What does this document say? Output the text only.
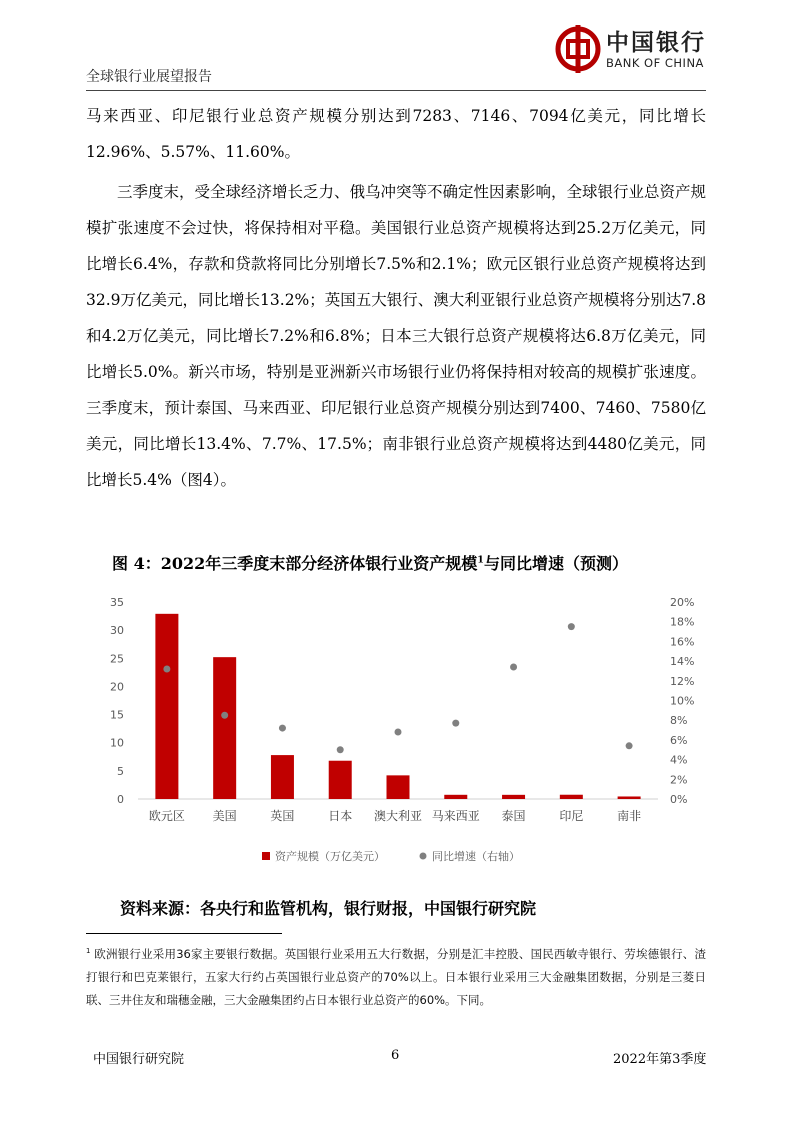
全球银行业展望报告
中国银行
BANK OF CHINA
马来西亚、印尼银行业总资产规模分别达到7283、7146、7094亿美元，同比增长12.96%、5.57%、11.60%。
三季度末，受全球经济增长乏力、俄乌冲突等不确定性因素影响，全球银行业总资产规模扩张速度不会过快，将保持相对平稳。美国银行业总资产规模将达到25.2万亿美元，同比增长6.4%，存款和贷款将同比分别增长7.5%和2.1%；欧元区银行业总资产规模将达到32.9万亿美元，同比增长13.2%；英国五大银行、澳大利亚银行业总资产规模将分别达7.8和4.2万亿美元，同比增长7.2%和6.8%；日本三大银行总资产规模将达6.8万亿美元，同比增长5.0%。新兴市场，特别是亚洲新兴市场银行业仍将保持相对较高的规模扩张速度。三季度末，预计泰国、马来西亚、印尼银行业总资产规模分别达到7400、7460、7580亿美元，同比增长13.4%、7.7%、17.5%；南非银行业总资产规模将达到4480亿美元，同比增长5.4%（图4）。
图 4：2022年三季度末部分经济体银行业资产规模$^1$与同比增速（预测）
0
5
10
15
20
25
30
35
0%
2%
4%
6%
8%
10%
12%
14%
16%
18%
20%
欧元区 美国	英国	日本 澳大利亚 马来西亚 泰国	印尼	南非
资产规模（万亿美元）	同比增速（右轴）
资料来源：各央行和监管机构，银行财报，中国银行研究院
$^1$ 欧洲银行业采用36家主要银行数据。英国银行业采用五大行数据，分别是汇丰控股、国民西敏寺银行、劳埃德银行、渣打银行和巴克莱银行，五家大行约占英国银行业总资产的70%以上。日本银行业采用三大金融集团数据，分别是三菱日联、三井住友和瑞穗金融，三大金融集团约占日本银行业总资产的60%。下同。
中国银行研究院	6	2022年第3季度
